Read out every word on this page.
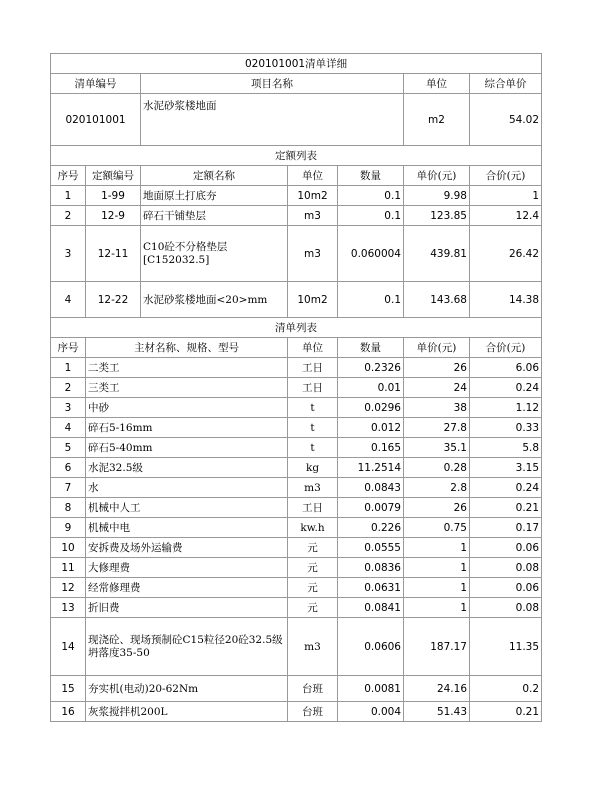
020101001清单详细						
清单编号		项目名称			单位	综合单价
020101001		水泥砂浆楼地面			m2	54.02
定额列表						
序号	定额编号	定额名称	单位	数量	单价(元)	合价(元)
1	1-99	地面原土打底夯	10m2	0.1	9.98	1
2	12-9	碎石干铺垫层	m3	0.1	123.85	12.4
3	12-11	C10砼不分格垫层[C152032.5]	m3	0.060004	439.81	26.42
4	12-22	水泥砂浆楼地面<20>mm	10m2	0.1	143.68	14.38
清单列表						
序号	主材名称、规格、型号		单位	数量	单价(元)	合价(元)
1	二类工		工日	0.2326	26	6.06
2	三类工		工日	0.01	24	0.24
3	中砂		t	0.0296	38	1.12
4	碎石5-16mm		t	0.012	27.8	0.33
5	碎石5-40mm		t	0.165	35.1	5.8
6	水泥32.5级		kg	11.2514	0.28	3.15
7	水		m3	0.0843	2.8	0.24
8	机械中人工		工日	0.0079	26	0.21
9	机械中电		kw.h	0.226	0.75	0.17
10	安拆费及场外运输费		元	0.0555	1	0.06
11	大修理费		元	0.0836	1	0.08
12	经常修理费		元	0.0631	1	0.06
13	折旧费		元	0.0841	1	0.08
14	现浇砼、现场预制砼C15粒径20砼32.5级坍落度35-50		m3	0.0606	187.17	11.35
15	夯实机(电动)20-62Nm		台班	0.0081	24.16	0.2
16	灰浆搅拌机200L		台班	0.004	51.43	0.21
